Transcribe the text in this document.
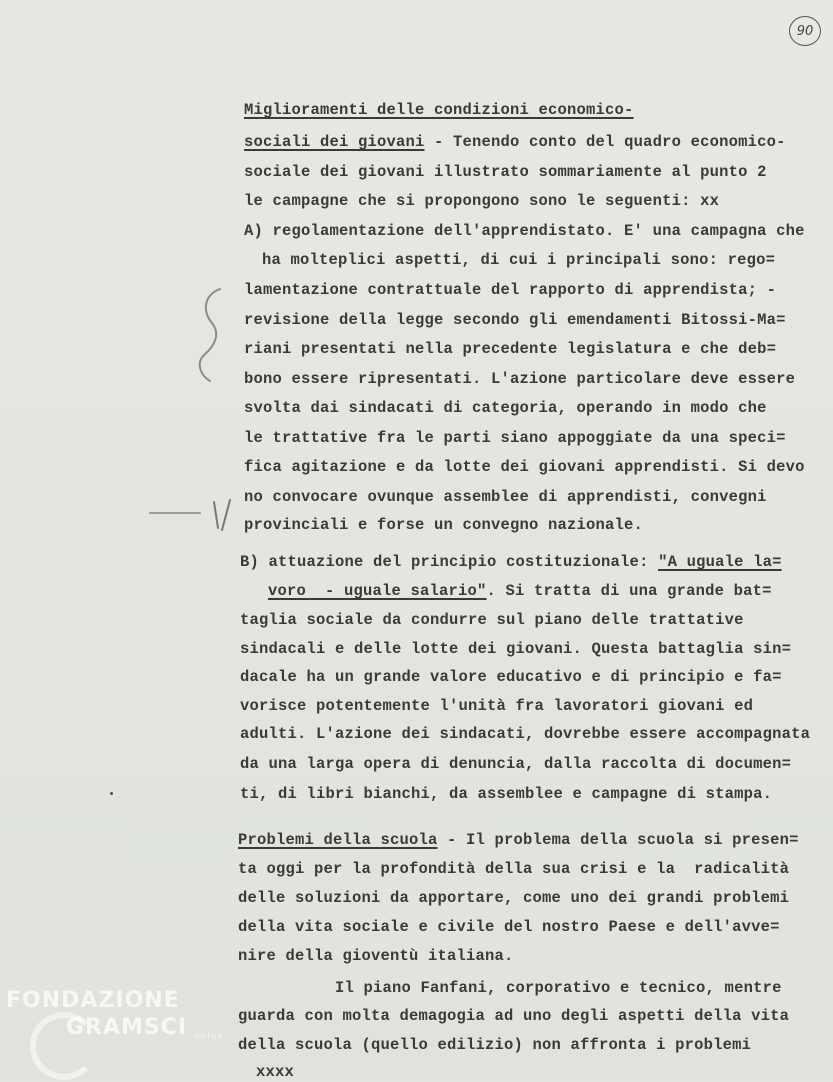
90
Miglioramenti delle condizioni economico-
sociali dei giovani - Tenendo conto del quadro economico-
sociale dei giovani illustrato sommariamente al punto 2
le campagne che si propongono sono le seguenti: xx
A) regolamentazione dell'apprendistato. E' una campagna che
ha molteplici aspetti, di cui i principali sono: rego=
lamentazione contrattuale del rapporto di apprendista; -
revisione della legge secondo gli emendamenti Bitossi-Ma=
riani presentati nella precedente legislatura e che deb=
bono essere ripresentati. L'azione particolare deve essere
svolta dai sindacati di categoria, operando in modo che
le trattative fra le parti siano appoggiate da una speci=
fica agitazione e da lotte dei giovani apprendisti. Si devo
no convocare ovunque assemblee di apprendisti, convegni
provinciali e forse un convegno nazionale.
B) attuazione del principio costituzionale: "A uguale la=
voro  - uguale salario". Si tratta di una grande bat=
taglia sociale da condurre sul piano delle trattative
sindacali e delle lotte dei giovani. Questa battaglia sin=
dacale ha un grande valore educativo e di principio e fa=
vorisce potentemente l'unità fra lavoratori giovani ed
adulti. L'azione dei sindacati, dovrebbe essere accompagnata
da una larga opera di denuncia, dalla raccolta di documen=
ti, di libri bianchi, da assemblee e campagne di stampa.
Problemi della scuola - Il problema della scuola si presen=
ta oggi per la profondità della sua crisi e la  radicalità
delle soluzioni da apportare, come uno dei grandi problemi
della vita sociale e civile del nostro Paese e dell'avve=
nire della gioventù italiana.
Il piano Fanfani, corporativo e tecnico, mentre
guarda con molta demagogia ad uno degli aspetti della vita
della scuola (quello edilizio) non affronta i problemi
xxxx
FONDAZIONE
GRAMSCI onlus
